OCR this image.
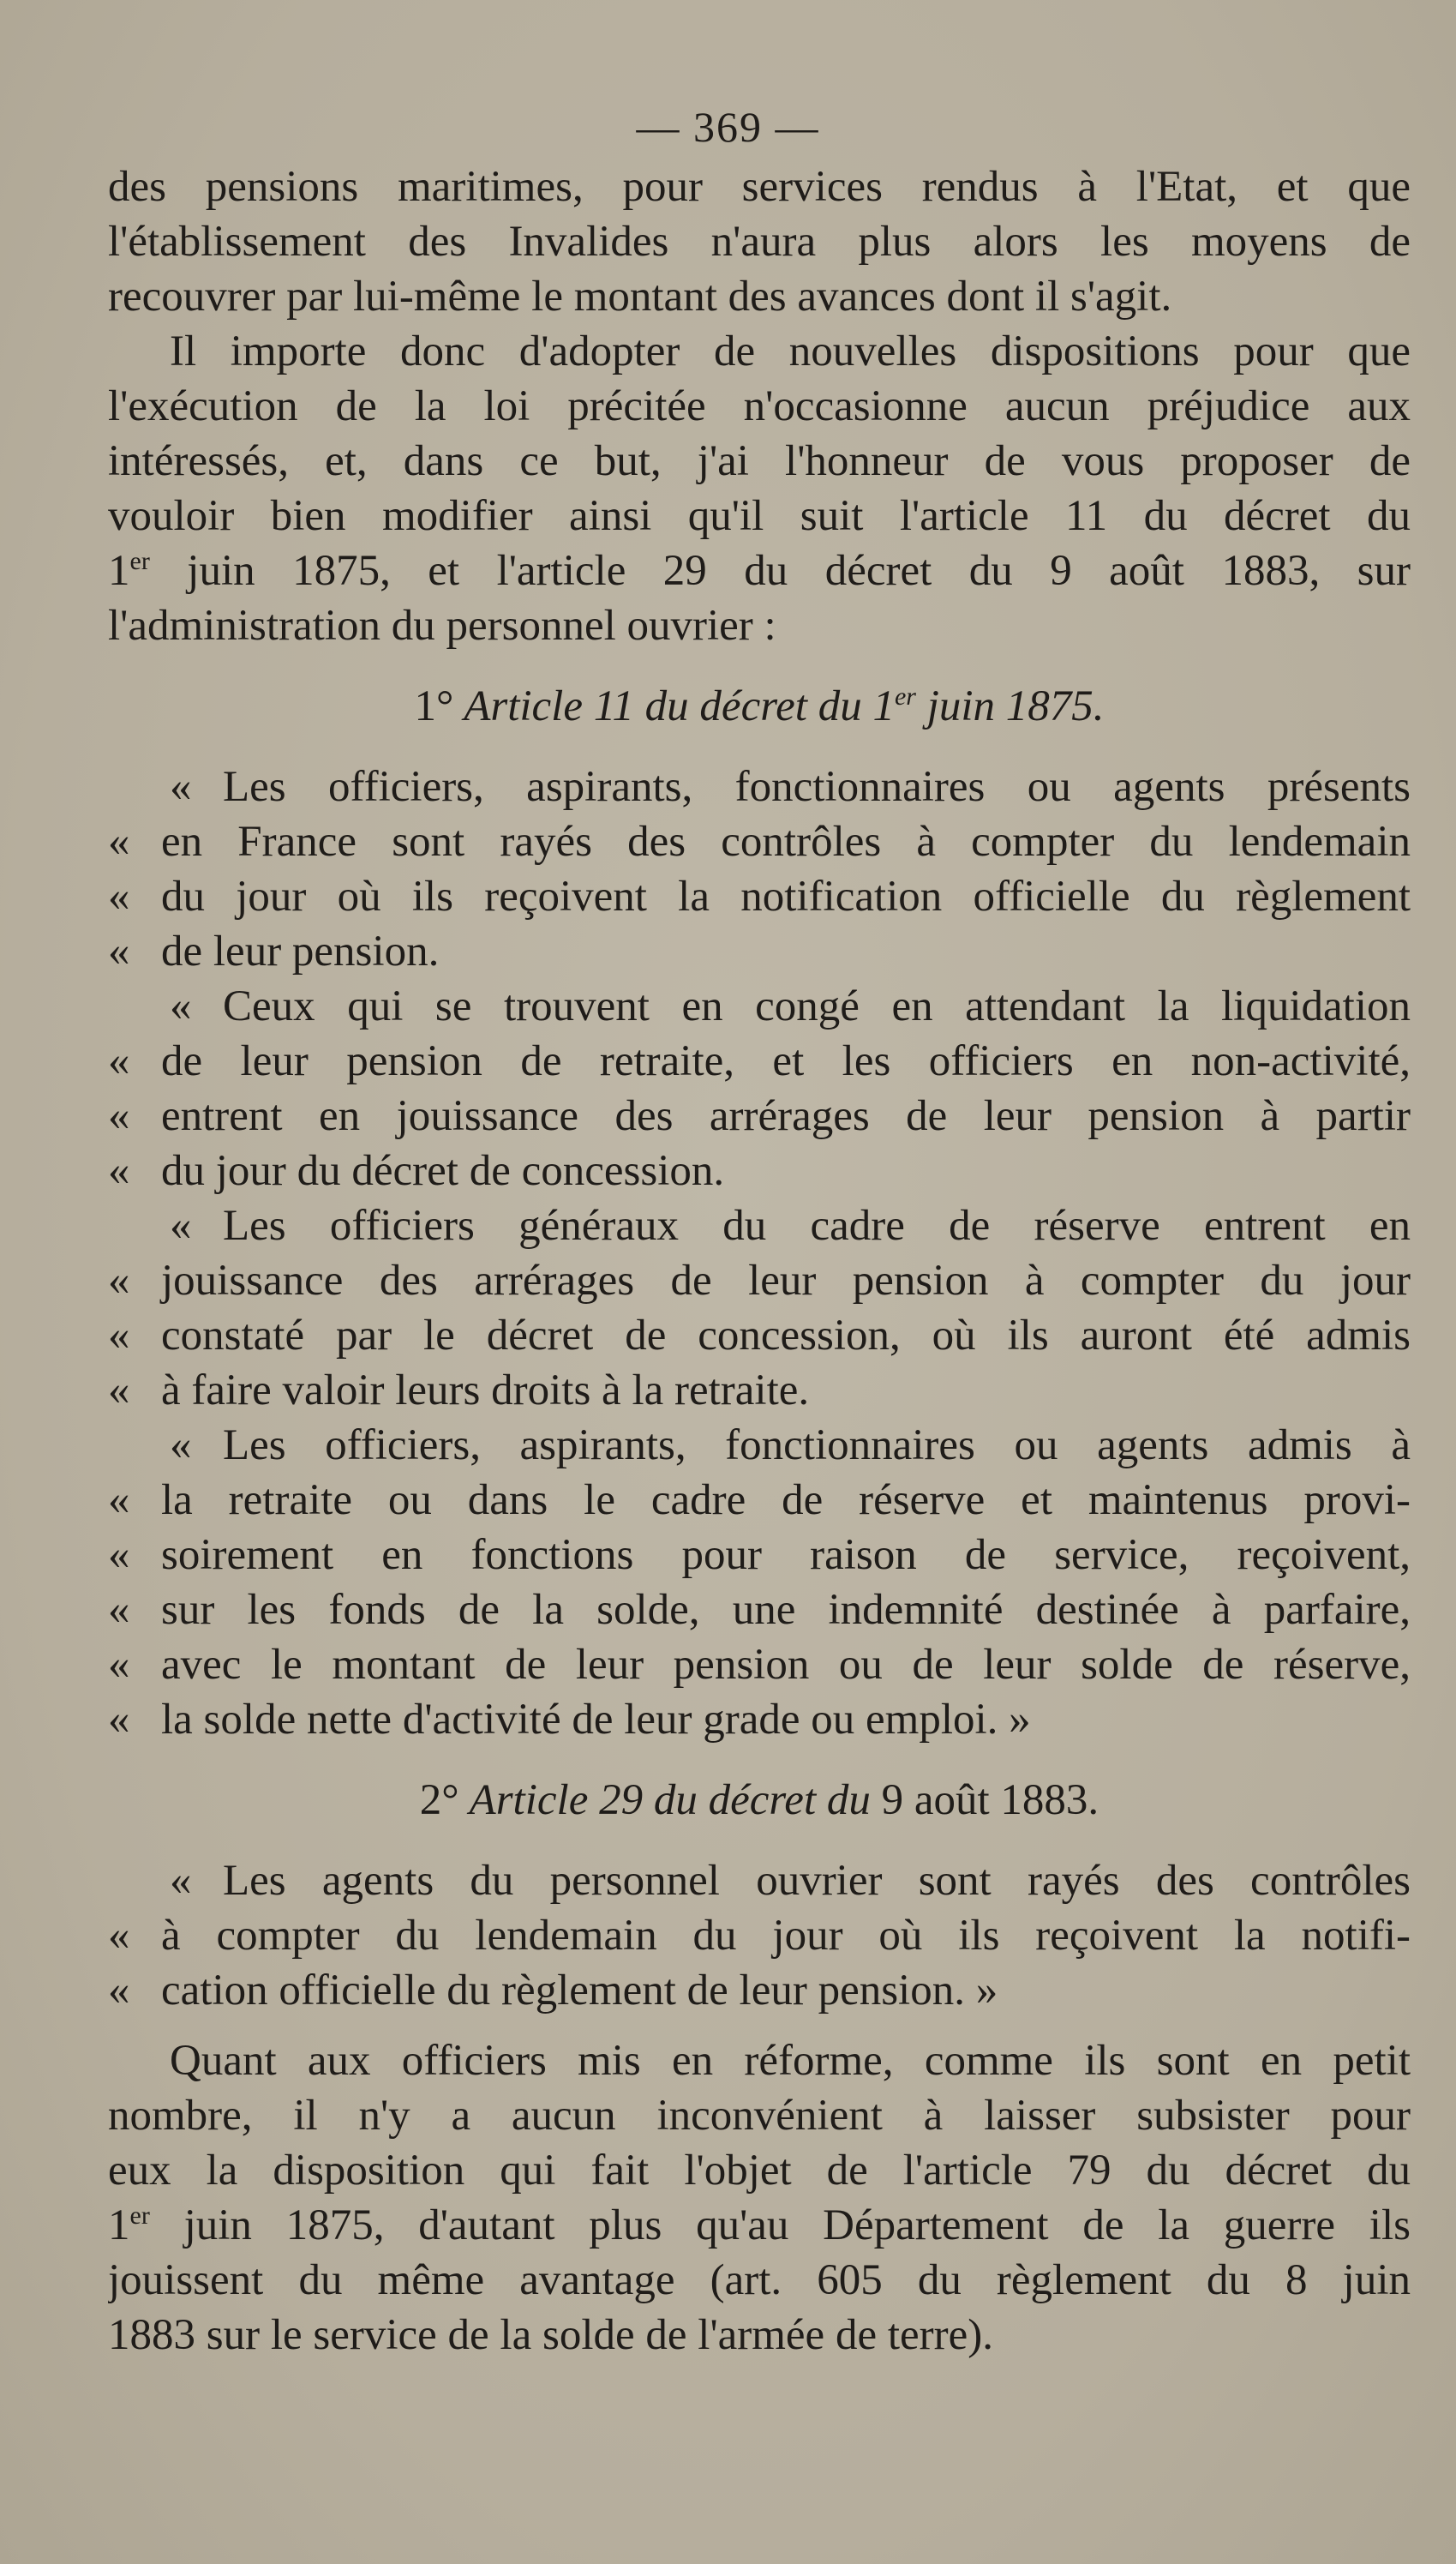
— 369 —
des pensions maritimes, pour services rendus à l'Etat, et que
l'établissement des Invalides n'aura plus alors les moyens de
recouvrer par lui-même le montant des avances dont il s'agit.
Il importe donc d'adopter de nouvelles dispositions pour que
l'exécution de la loi précitée n'occasionne aucun préjudice aux
intéressés, et, dans ce but, j'ai l'honneur de vous proposer de
vouloir bien modifier ainsi qu'il suit l'article 11 du décret du
1er juin 1875, et l'article 29 du décret du 9 août 1883, sur
l'administration du personnel ouvrier :
1° Article 11 du décret du 1er juin 1875.
« Les officiers, aspirants, fonctionnaires ou agents présents
« en France sont rayés des contrôles à compter du lendemain
« du jour où ils reçoivent la notification officielle du règlement
« de leur pension.
« Ceux qui se trouvent en congé en attendant la liquidation
« de leur pension de retraite, et les officiers en non-activité,
« entrent en jouissance des arrérages de leur pension à partir
« du jour du décret de concession.
« Les officiers généraux du cadre de réserve entrent en
« jouissance des arrérages de leur pension à compter du jour
« constaté par le décret de concession, où ils auront été admis
« à faire valoir leurs droits à la retraite.
« Les officiers, aspirants, fonctionnaires ou agents admis à
« la retraite ou dans le cadre de réserve et maintenus provi-
« soirement en fonctions pour raison de service, reçoivent,
« sur les fonds de la solde, une indemnité destinée à parfaire,
« avec le montant de leur pension ou de leur solde de réserve,
« la solde nette d'activité de leur grade ou emploi. »
2° Article 29 du décret du 9 août 1883.
« Les agents du personnel ouvrier sont rayés des contrôles
« à compter du lendemain du jour où ils reçoivent la notifi-
« cation officielle du règlement de leur pension. »
Quant aux officiers mis en réforme, comme ils sont en petit
nombre, il n'y a aucun inconvénient à laisser subsister pour
eux la disposition qui fait l'objet de l'article 79 du décret du
1er juin 1875, d'autant plus qu'au Département de la guerre ils
jouissent du même avantage (art. 605 du règlement du 8 juin
1883 sur le service de la solde de l'armée de terre).
